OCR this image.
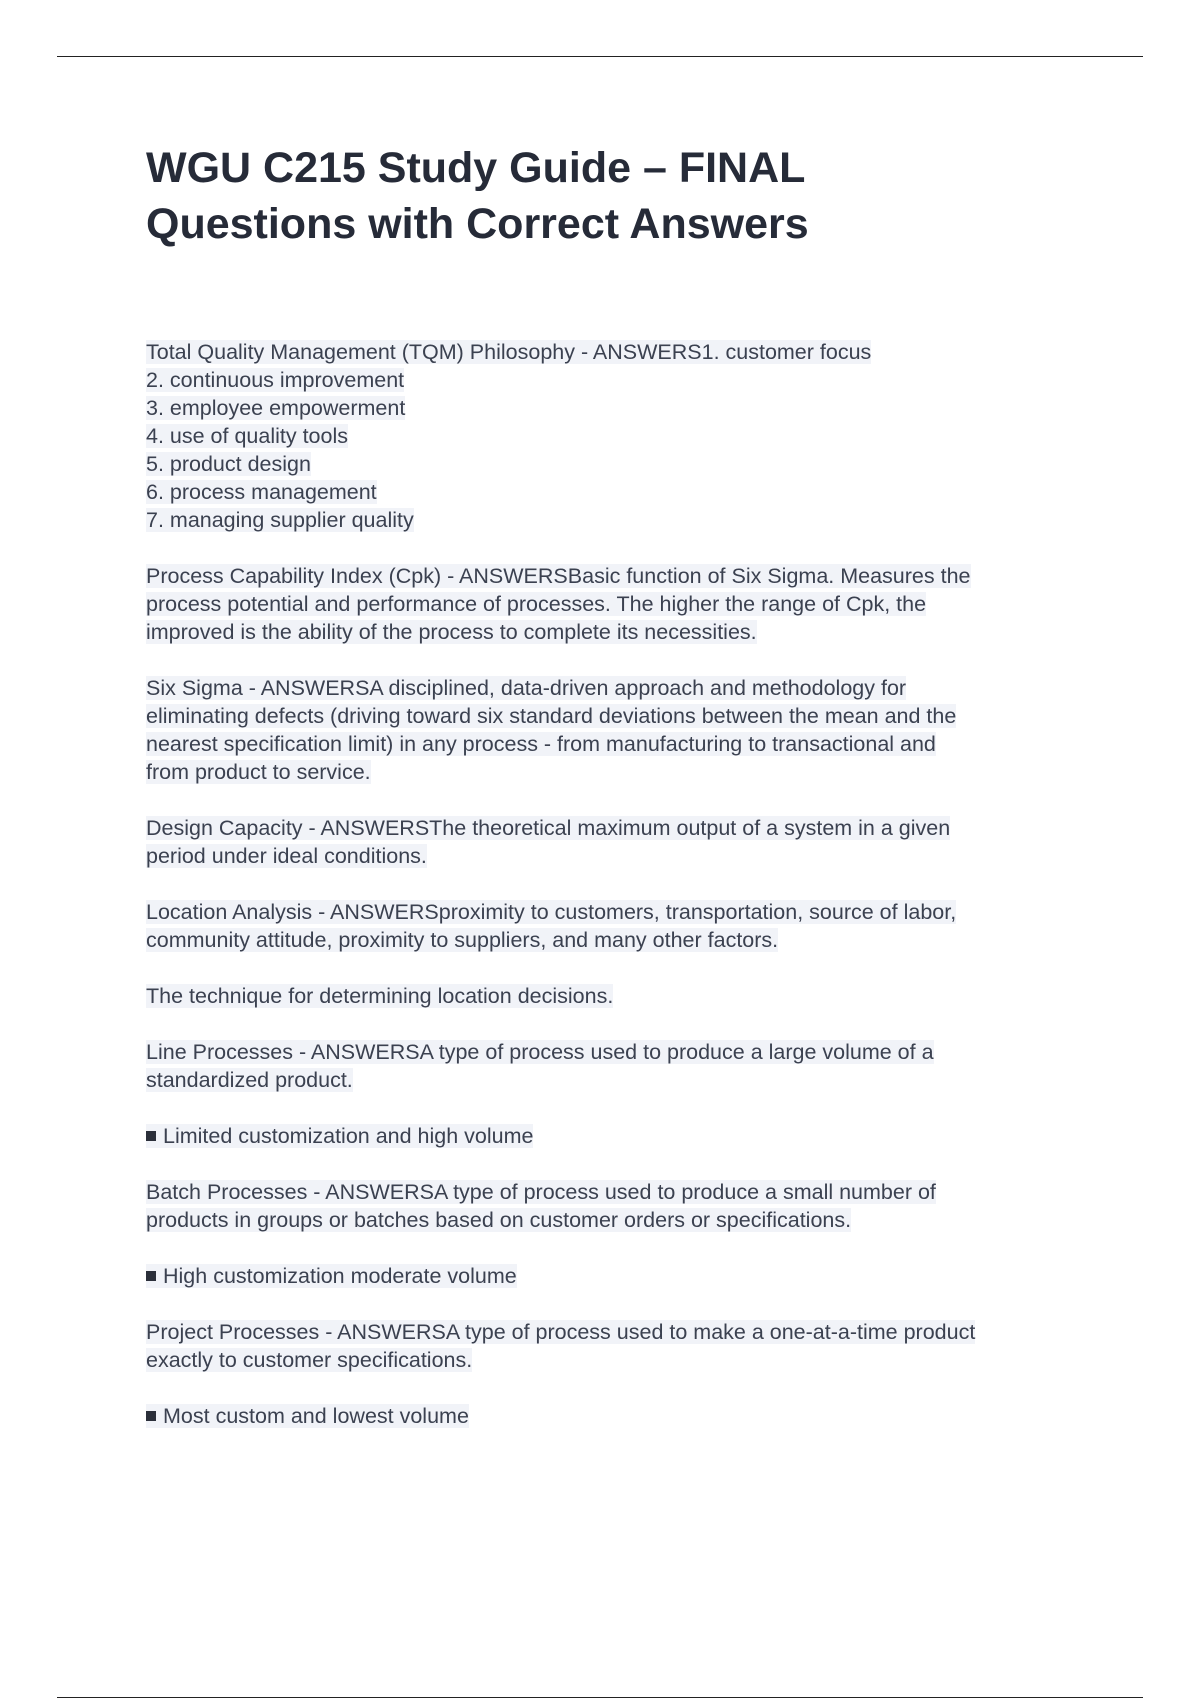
WGU C215 Study Guide – FINAL
Questions with Correct Answers

Total Quality Management (TQM) Philosophy - ANSWERS1. customer focus
2. continuous improvement
3. employee empowerment
4. use of quality tools
5. product design
6. process management
7. managing supplier quality

Process Capability Index (Cpk) - ANSWERSBasic function of Six Sigma. Measures the
process potential and performance of processes. The higher the range of Cpk, the
improved is the ability of the process to complete its necessities.

Six Sigma - ANSWERSA disciplined, data-driven approach and methodology for
eliminating defects (driving toward six standard deviations between the mean and the
nearest specification limit) in any process - from manufacturing to transactional and
from product to service.

Design Capacity - ANSWERSThe theoretical maximum output of a system in a given
period under ideal conditions.

Location Analysis - ANSWERSproximity to customers, transportation, source of labor,
community attitude, proximity to suppliers, and many other factors.

The technique for determining location decisions.

Line Processes - ANSWERSA type of process used to produce a large volume of a
standardized product.

Limited customization and high volume

Batch Processes - ANSWERSA type of process used to produce a small number of
products in groups or batches based on customer orders or specifications.

High customization moderate volume

Project Processes - ANSWERSA type of process used to make a one-at-a-time product
exactly to customer specifications.

Most custom and lowest volume
